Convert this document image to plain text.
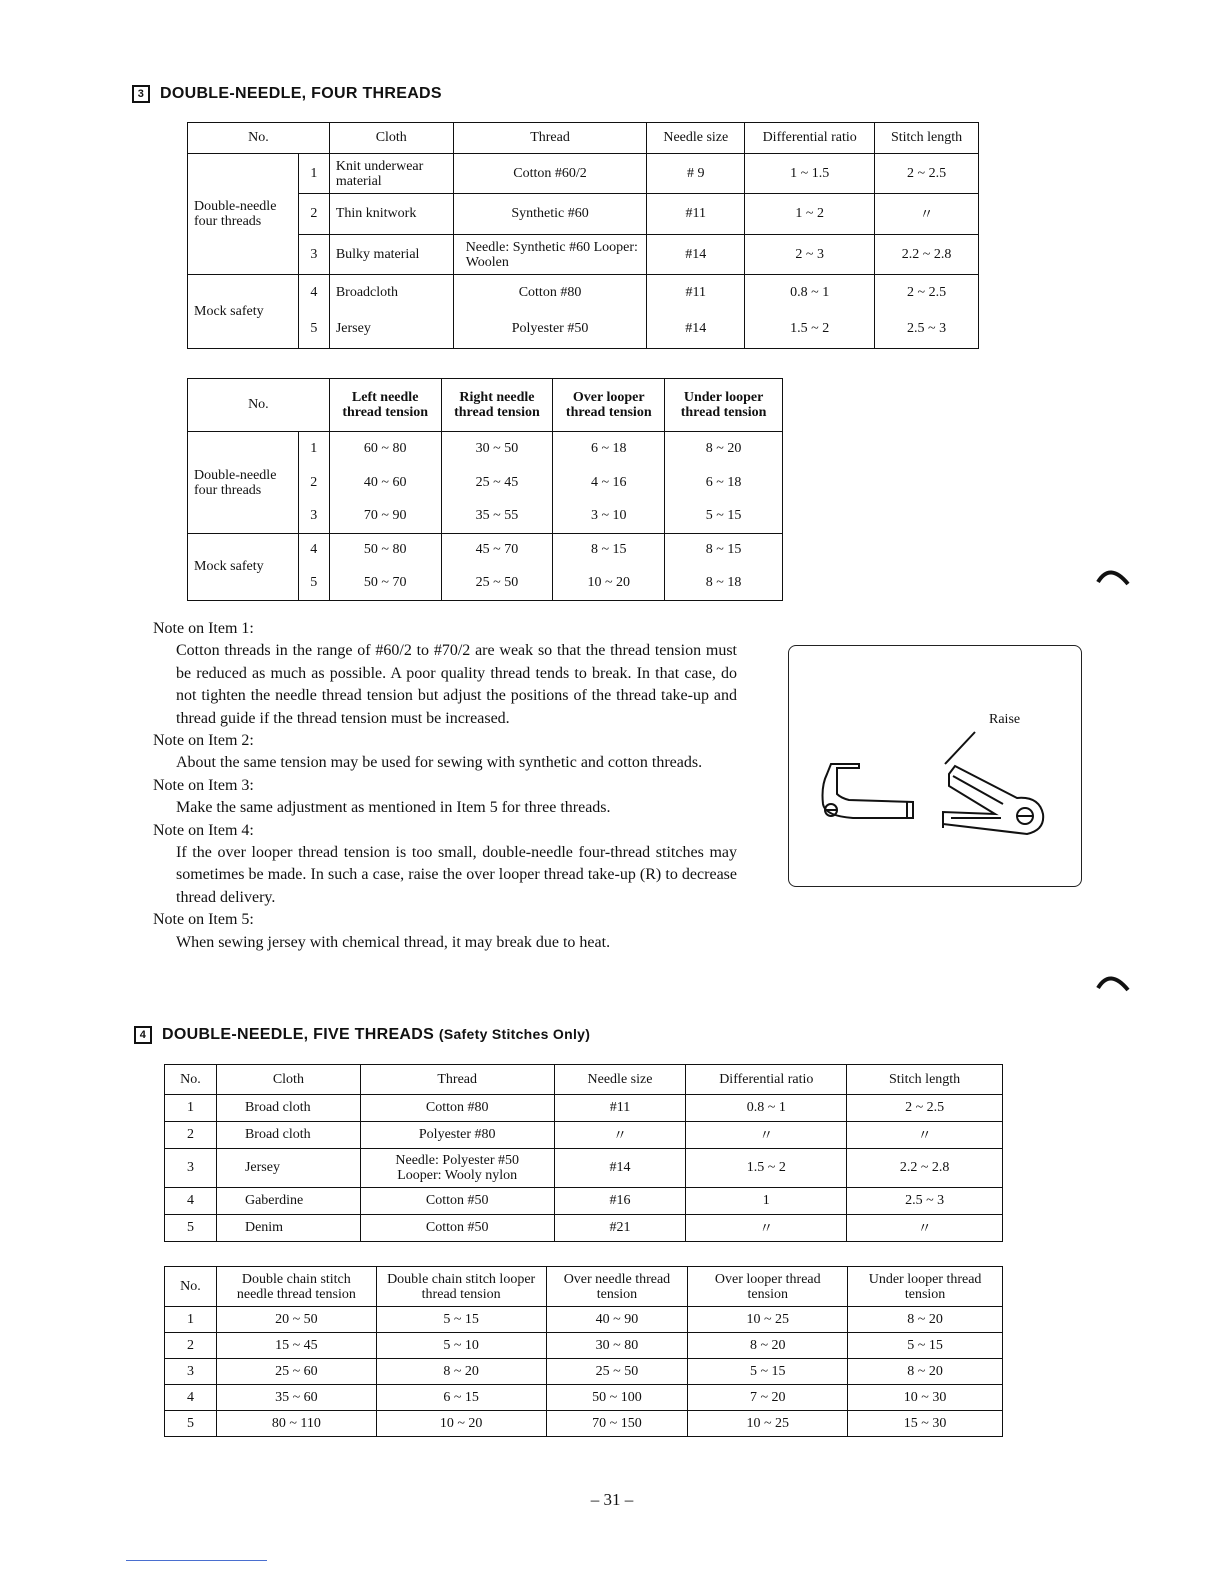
3 DOUBLE-NEEDLE, FOUR THREADS
No.		Cloth	Thread	Needle size	Differential ratio	Stitch length
Double-needle four threads	1	Knit underwear material	Cotton #60/2	# 9	1 ~ 1.5	2 ~ 2.5
	2	Thin knitwork	Synthetic #60	#11	1 ~ 2	〃
	3	Bulky material	Needle: Synthetic #60 Looper: Woolen	#14	2 ~ 3	2.2 ~ 2.8
Mock safety	4	Broadcloth	Cotton #80	#11	0.8 ~ 1	2 ~ 2.5
	5	Jersey	Polyester #50	#14	1.5 ~ 2	2.5 ~ 3
No.		Left needle thread tension	Right needle thread tension	Over looper thread tension	Under looper thread tension
Double-needle four threads	1	60 ~ 80	30 ~ 50	6 ~ 18	8 ~ 20
	2	40 ~ 60	25 ~ 45	4 ~ 16	6 ~ 18
	3	70 ~ 90	35 ~ 55	3 ~ 10	5 ~ 15
Mock safety	4	50 ~ 80	45 ~ 70	8 ~ 15	8 ~ 15
	5	50 ~ 70	25 ~ 50	10 ~ 20	8 ~ 18
Note on Item 1:
Cotton threads in the range of #60/2 to #70/2 are weak so that the thread tension must be reduced as much as possible. A poor quality thread tends to break. In that case, do not tighten the needle thread tension but adjust the positions of the thread take-up and thread guide if the thread tension must be increased.
Note on Item 2:
About the same tension may be used for sewing with synthetic and cotton threads.
Note on Item 3:
Make the same adjustment as mentioned in Item 5 for three threads.
Note on Item 4:
If the over looper thread tension is too small, double-needle four-thread stitches may sometimes be made. In such a case, raise the over looper thread take-up (R) to decrease thread delivery.
Note on Item 5:
When sewing jersey with chemical thread, it may break due to heat.
Raise
4 DOUBLE-NEEDLE, FIVE THREADS (Safety Stitches Only)
No.	Cloth	Thread	Needle size	Differential ratio	Stitch length
1	Broad cloth	Cotton #80	#11	0.8 ~ 1	2 ~ 2.5
2	Broad cloth	Polyester #80	〃	〃	〃
3	Jersey	Needle: Polyester #50 Looper: Wooly nylon	#14	1.5 ~ 2	2.2 ~ 2.8
4	Gaberdine	Cotton #50	#16	1	2.5 ~ 3
5	Denim	Cotton #50	#21	〃	〃
No.	Double chain stitch needle thread tension	Double chain stitch looper thread tension	Over needle thread tension	Over looper thread tension	Under looper thread tension
1	20 ~ 50	5 ~ 15	40 ~ 90	10 ~ 25	8 ~ 20
2	15 ~ 45	5 ~ 10	30 ~ 80	8 ~ 20	5 ~ 15
3	25 ~ 60	8 ~ 20	25 ~ 50	5 ~ 15	8 ~ 20
4	35 ~ 60	6 ~ 15	50 ~ 100	7 ~ 20	10 ~ 30
5	80 ~ 110	10 ~ 20	70 ~ 150	10 ~ 25	15 ~ 30
– 31 –
